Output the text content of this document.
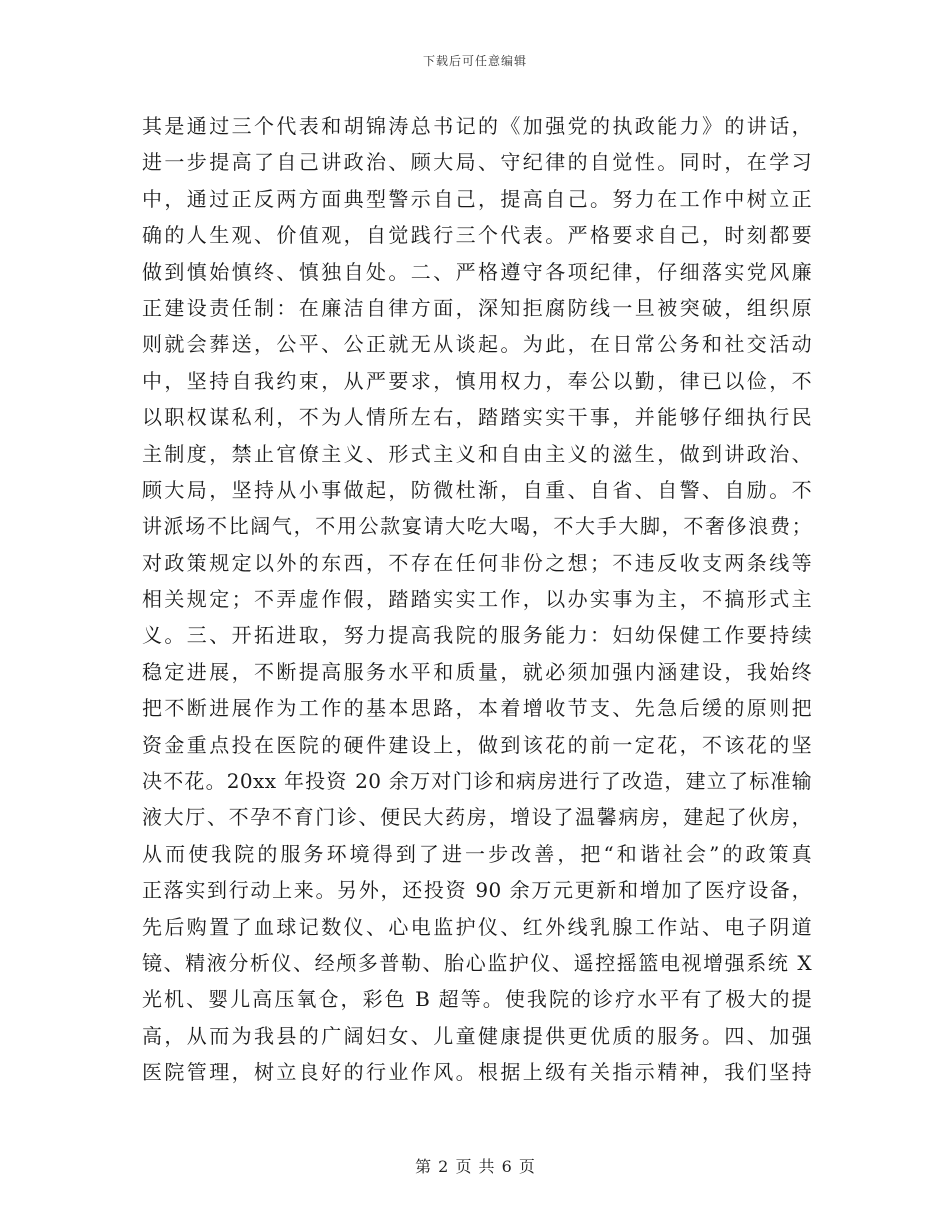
下载后可任意编辑
其是通过三个代表和胡锦涛总书记的《加强党的执政能力》的讲话，
进一步提高了自己讲政治、顾大局、守纪律的自觉性。同时，在学习
中，通过正反两方面典型警示自己，提高自己。努力在工作中树立正
确的人生观、价值观，自觉践行三个代表。严格要求自己，时刻都要
做到慎始慎终、慎独自处。二、严格遵守各项纪律，仔细落实党风廉
正建设责任制：在廉洁自律方面，深知拒腐防线一旦被突破，组织原
则就会葬送，公平、公正就无从谈起。为此，在日常公务和社交活动
中，坚持自我约束，从严要求，慎用权力，奉公以勤，律已以俭，不
以职权谋私利，不为人情所左右，踏踏实实干事，并能够仔细执行民
主制度，禁止官僚主义、形式主义和自由主义的滋生，做到讲政治、
顾大局，坚持从小事做起，防微杜渐，自重、自省、自警、自励。不
讲派场不比阔气，不用公款宴请大吃大喝，不大手大脚，不奢侈浪费；
对政策规定以外的东西，不存在任何非份之想；不违反收支两条线等
相关规定；不弄虚作假，踏踏实实工作，以办实事为主，不搞形式主
义。三、开拓进取，努力提高我院的服务能力：妇幼保健工作要持续
稳定进展，不断提高服务水平和质量，就必须加强内涵建设，我始终
把不断进展作为工作的基本思路，本着增收节支、先急后缓的原则把
资金重点投在医院的硬件建设上，做到该花的前一定花，不该花的坚
决不花。20xx 年投资 20 余万对门诊和病房进行了改造，建立了标准输
液大厅、不孕不育门诊、便民大药房，增设了温馨病房，建起了伙房，
从而使我院的服务环境得到了进一步改善，把“和谐社会”的政策真
正落实到行动上来。另外，还投资 90 余万元更新和增加了医疗设备，
先后购置了血球记数仪、心电监护仪、红外线乳腺工作站、电子阴道
镜、精液分析仪、经颅多普勒、胎心监护仪、遥控摇篮电视增强系统 X
光机、婴儿高压氧仓，彩色 B 超等。使我院的诊疗水平有了极大的提
高，从而为我县的广阔妇女、儿童健康提供更优质的服务。四、加强
医院管理，树立良好的行业作风。根据上级有关指示精神，我们坚持
第 2 页 共 6 页
